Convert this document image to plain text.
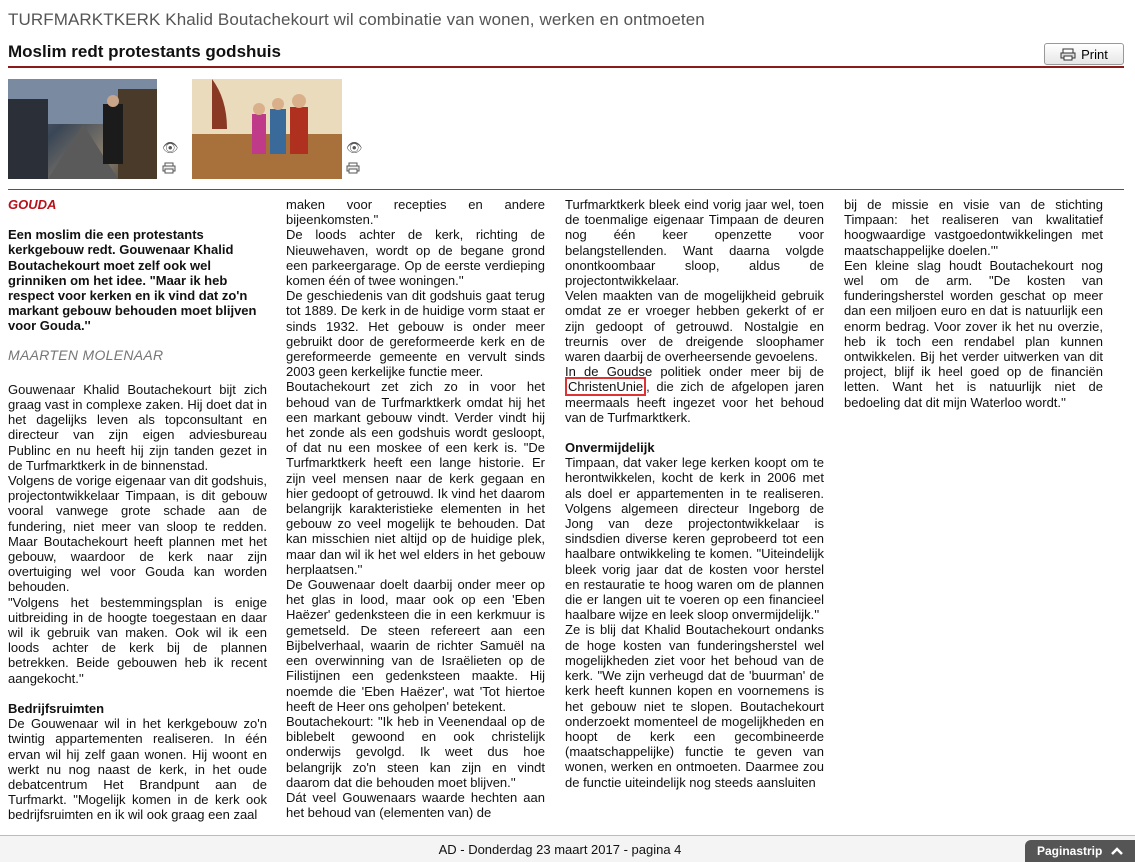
TURFMARKTKERK Khalid Boutachekourt wil combinatie van wonen, werken en ontmoeten
Moslim redt protestants godshuis	Print
👁	👁
GOUDA
Een moslim die een protestants kerkgebouw redt. Gouwenaar Khalid Boutachekourt moet zelf ook wel grinniken om het idee. "Maar ik heb respect voor kerken en ik vind dat zo'n markant gebouw behouden moet blijven voor Gouda.''
MAARTEN MOLENAAR

Gouwenaar Khalid Boutachekourt bijt zich graag vast in complexe zaken. Hij doet dat in het dagelijks leven als topconsultant en directeur van zijn eigen adviesbureau Publinc en nu heeft hij zijn tanden gezet in de Turfmarktkerk in de binnenstad.

Volgens de vorige eigenaar van dit godshuis, projectontwikkelaar Timpaan, is dit gebouw vooral vanwege grote schade aan de fundering, niet meer van sloop te redden. Maar Boutachekourt heeft plannen met het gebouw, waardoor de kerk naar zijn overtuiging wel voor Gouda kan worden behouden.

"Volgens het bestemmingsplan is enige uitbreiding in de hoogte toegestaan en daar wil ik gebruik van maken. Ook wil ik een loods achter de kerk bij de plannen betrekken. Beide gebouwen heb ik recent aangekocht.''

Bedrijfsruimten

De Gouwenaar wil in het kerkgebouw zo'n twintig appartementen realiseren. In één ervan wil hij zelf gaan wonen. Hij woont en werkt nu nog naast de kerk, in het oude debatcentrum Het Brandpunt aan de Turfmarkt. "Mogelijk komen in de kerk ook bedrijfsruimten en ik wil ook graag een zaal

maken voor recepties en andere bijeenkomsten.''

De loods achter de kerk, richting de Nieuwehaven, wordt op de begane grond een parkeergarage. Op de eerste verdieping komen één of twee woningen.''

De geschiedenis van dit godshuis gaat terug tot 1889. De kerk in de huidige vorm staat er sinds 1932. Het gebouw is onder meer gebruikt door de gereformeerde kerk en de gereformeerde gemeente en vervult sinds 2003 geen kerkelijke functie meer.

Boutachekourt zet zich zo in voor het behoud van de Turfmarktkerk omdat hij het een markant gebouw vindt. Verder vindt hij het zonde als een godshuis wordt gesloopt, of dat nu een moskee of een kerk is. "De Turfmarktkerk heeft een lange historie. Er zijn veel mensen naar de kerk gegaan en hier gedoopt of getrouwd. Ik vind het daarom belangrijk karakteristieke elementen in het gebouw zo veel mogelijk te behouden. Dat kan misschien niet altijd op de huidige plek, maar dan wil ik het wel elders in het gebouw herplaatsen.''

De Gouwenaar doelt daarbij onder meer op het glas in lood, maar ook op een 'Eben Haëzer' gedenksteen die in een kerkmuur is gemetseld. De steen refereert aan een Bijbelverhaal, waarin de richter Samuël na een overwinning van de Israëlieten op de Filistijnen een gedenksteen maakte. Hij noemde die 'Eben Haëzer', wat 'Tot hiertoe heeft de Heer ons geholpen' betekent.

Boutachekourt: "Ik heb in Veenendaal op de biblebelt gewoond en ook christelijk onderwijs gevolgd. Ik weet dus hoe belangrijk zo'n steen kan zijn en vindt daarom dat die behouden moet blijven.''

Dát veel Gouwenaars waarde hechten aan het behoud van (elementen van) de

Turfmarktkerk bleek eind vorig jaar wel, toen de toenmalige eigenaar Timpaan de deuren nog één keer openzette voor belangstellenden. Want daarna volgde onontkoombaar sloop, aldus de projectontwikkelaar.

Velen maakten van de mogelijkheid gebruik omdat ze er vroeger hebben gekerkt of er zijn gedoopt of getrouwd. Nostalgie en treurnis over de dreigende sloophamer waren daarbij de overheersende gevoelens.

In de Goudse politiek onder meer bij de ChristenUnie , die zich de afgelopen jaren meermaals heeft ingezet voor het behoud van de Turfmarktkerk.

Onvermijdelijk

Timpaan, dat vaker lege kerken koopt om te herontwikkelen, kocht de kerk in 2006 met als doel er appartementen in te realiseren. Volgens algemeen directeur Ingeborg de Jong van deze projectontwikkelaar is sindsdien diverse keren geprobeerd tot een haalbare ontwikkeling te komen. "Uiteindelijk bleek vorig jaar dat de kosten voor herstel en restauratie te hoog waren om de plannen die er langen uit te voeren op een financieel haalbare wijze en leek sloop onvermijdelijk.''

Ze is blij dat Khalid Boutachekourt ondanks de hoge kosten van funderingsherstel wel mogelijkheden ziet voor het behoud van de kerk. "We zijn verheugd dat de 'buurman' de kerk heeft kunnen kopen en voornemens is het gebouw niet te slopen. Boutachekourt onderzoekt momenteel de mogelijkheden en hoopt de kerk een gecombineerde (maatschappelijke) functie te geven van wonen, werken en ontmoeten. Daarmee zou de functie uiteindelijk nog steeds aansluiten

bij de missie en visie van de stichting Timpaan: het realiseren van kwalitatief hoogwaardige vastgoedontwikkelingen met maatschappelijke doelen.'''

Een kleine slag houdt Boutachekourt nog wel om de arm. "De kosten van funderingsherstel worden geschat op meer dan een miljoen euro en dat is natuurlijk een enorm bedrag. Voor zover ik het nu overzie, heb ik toch een rendabel plan kunnen ontwikkelen. Bij het verder uitwerken van dit project, blijf ik heel goed op de financiën letten. Want het is natuurlijk niet de bedoeling dat dit mijn Waterloo wordt.''

AD - Donderdag 23 maart 2017 - pagina 4	Paginastrip
